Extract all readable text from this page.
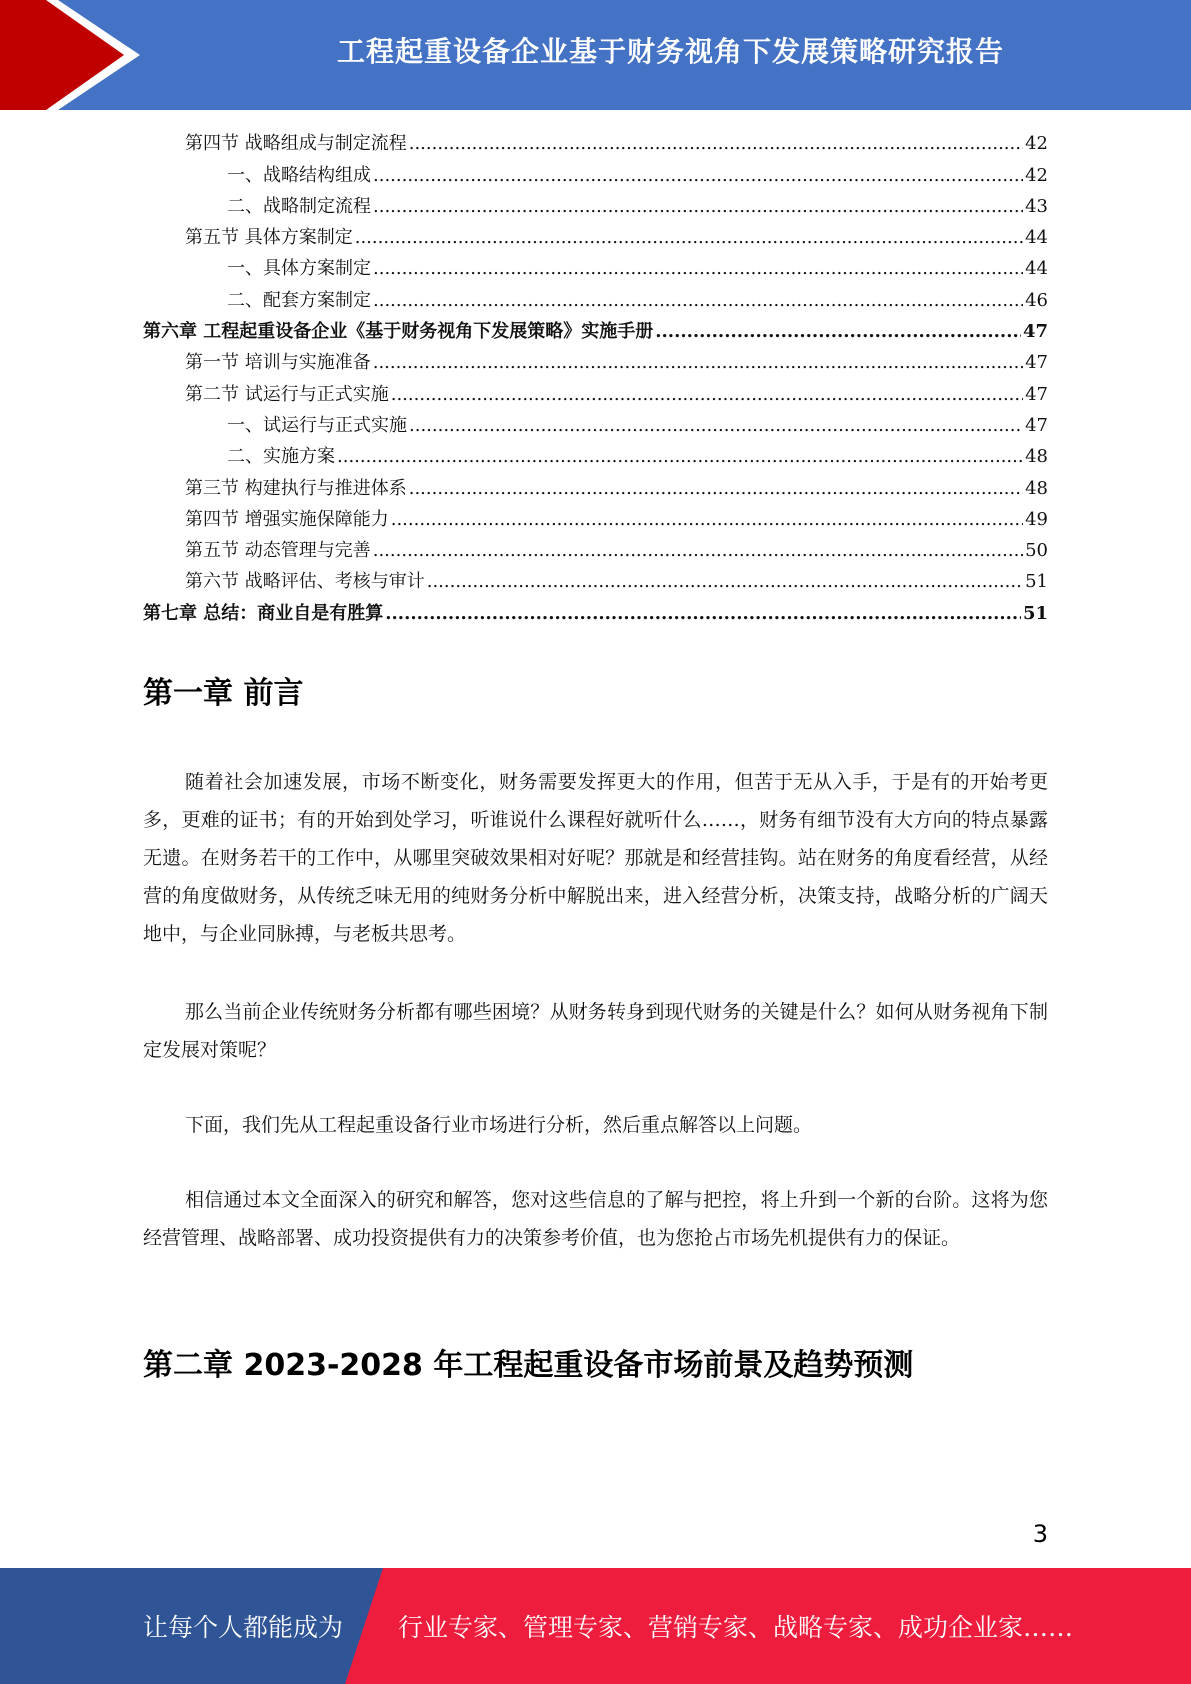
工程起重设备企业基于财务视角下发展策略研究报告
第四节 战略组成与制定流程 .....	42
一、战略结构组成 .....	42
二、战略制定流程 .....	43
第五节 具体方案制定 .....	44
一、具体方案制定 .....	44
二、配套方案制定 .....	46
第六章 工程起重设备企业《基于财务视角下发展策略》实施手册 .....	47
第一节 培训与实施准备 .....	47
第二节 试运行与正式实施 .....	47
一、试运行与正式实施 .....	47
二、实施方案 .....	48
第三节 构建执行与推进体系 .....	48
第四节 增强实施保障能力 .....	49
第五节 动态管理与完善 .....	50
第六节 战略评估、考核与审计 .....	51
第七章 总结：商业自是有胜算 .....	51
第一章 前言

随着社会加速发展，市场不断变化，财务需要发挥更大的作用，但苦于无从入手，于是有的开始考更多，更难的证书；有的开始到处学习，听谁说什么课程好就听什么……，财务有细节没有大方向的特点暴露无遗。在财务若干的工作中，从哪里突破效果相对好呢？那就是和经营挂钩。站在财务的角度看经营，从经营的角度做财务，从传统乏味无用的纯财务分析中解脱出来，进入经营分析，决策支持，战略分析的广阔天地中，与企业同脉搏，与老板共思考。

那么当前企业传统财务分析都有哪些困境？从财务转身到现代财务的关键是什么？如何从财务视角下制定发展对策呢？

下面，我们先从工程起重设备行业市场进行分析，然后重点解答以上问题。

相信通过本文全面深入的研究和解答，您对这些信息的了解与把控，将上升到一个新的台阶。这将为您经营管理、战略部署、成功投资提供有力的决策参考价值，也为您抢占市场先机提供有力的保证。

第二章 2023-2028 年工程起重设备市场前景及趋势预测
3
让每个人都能成为 行业专家、管理专家、营销专家、战略专家、成功企业家……
